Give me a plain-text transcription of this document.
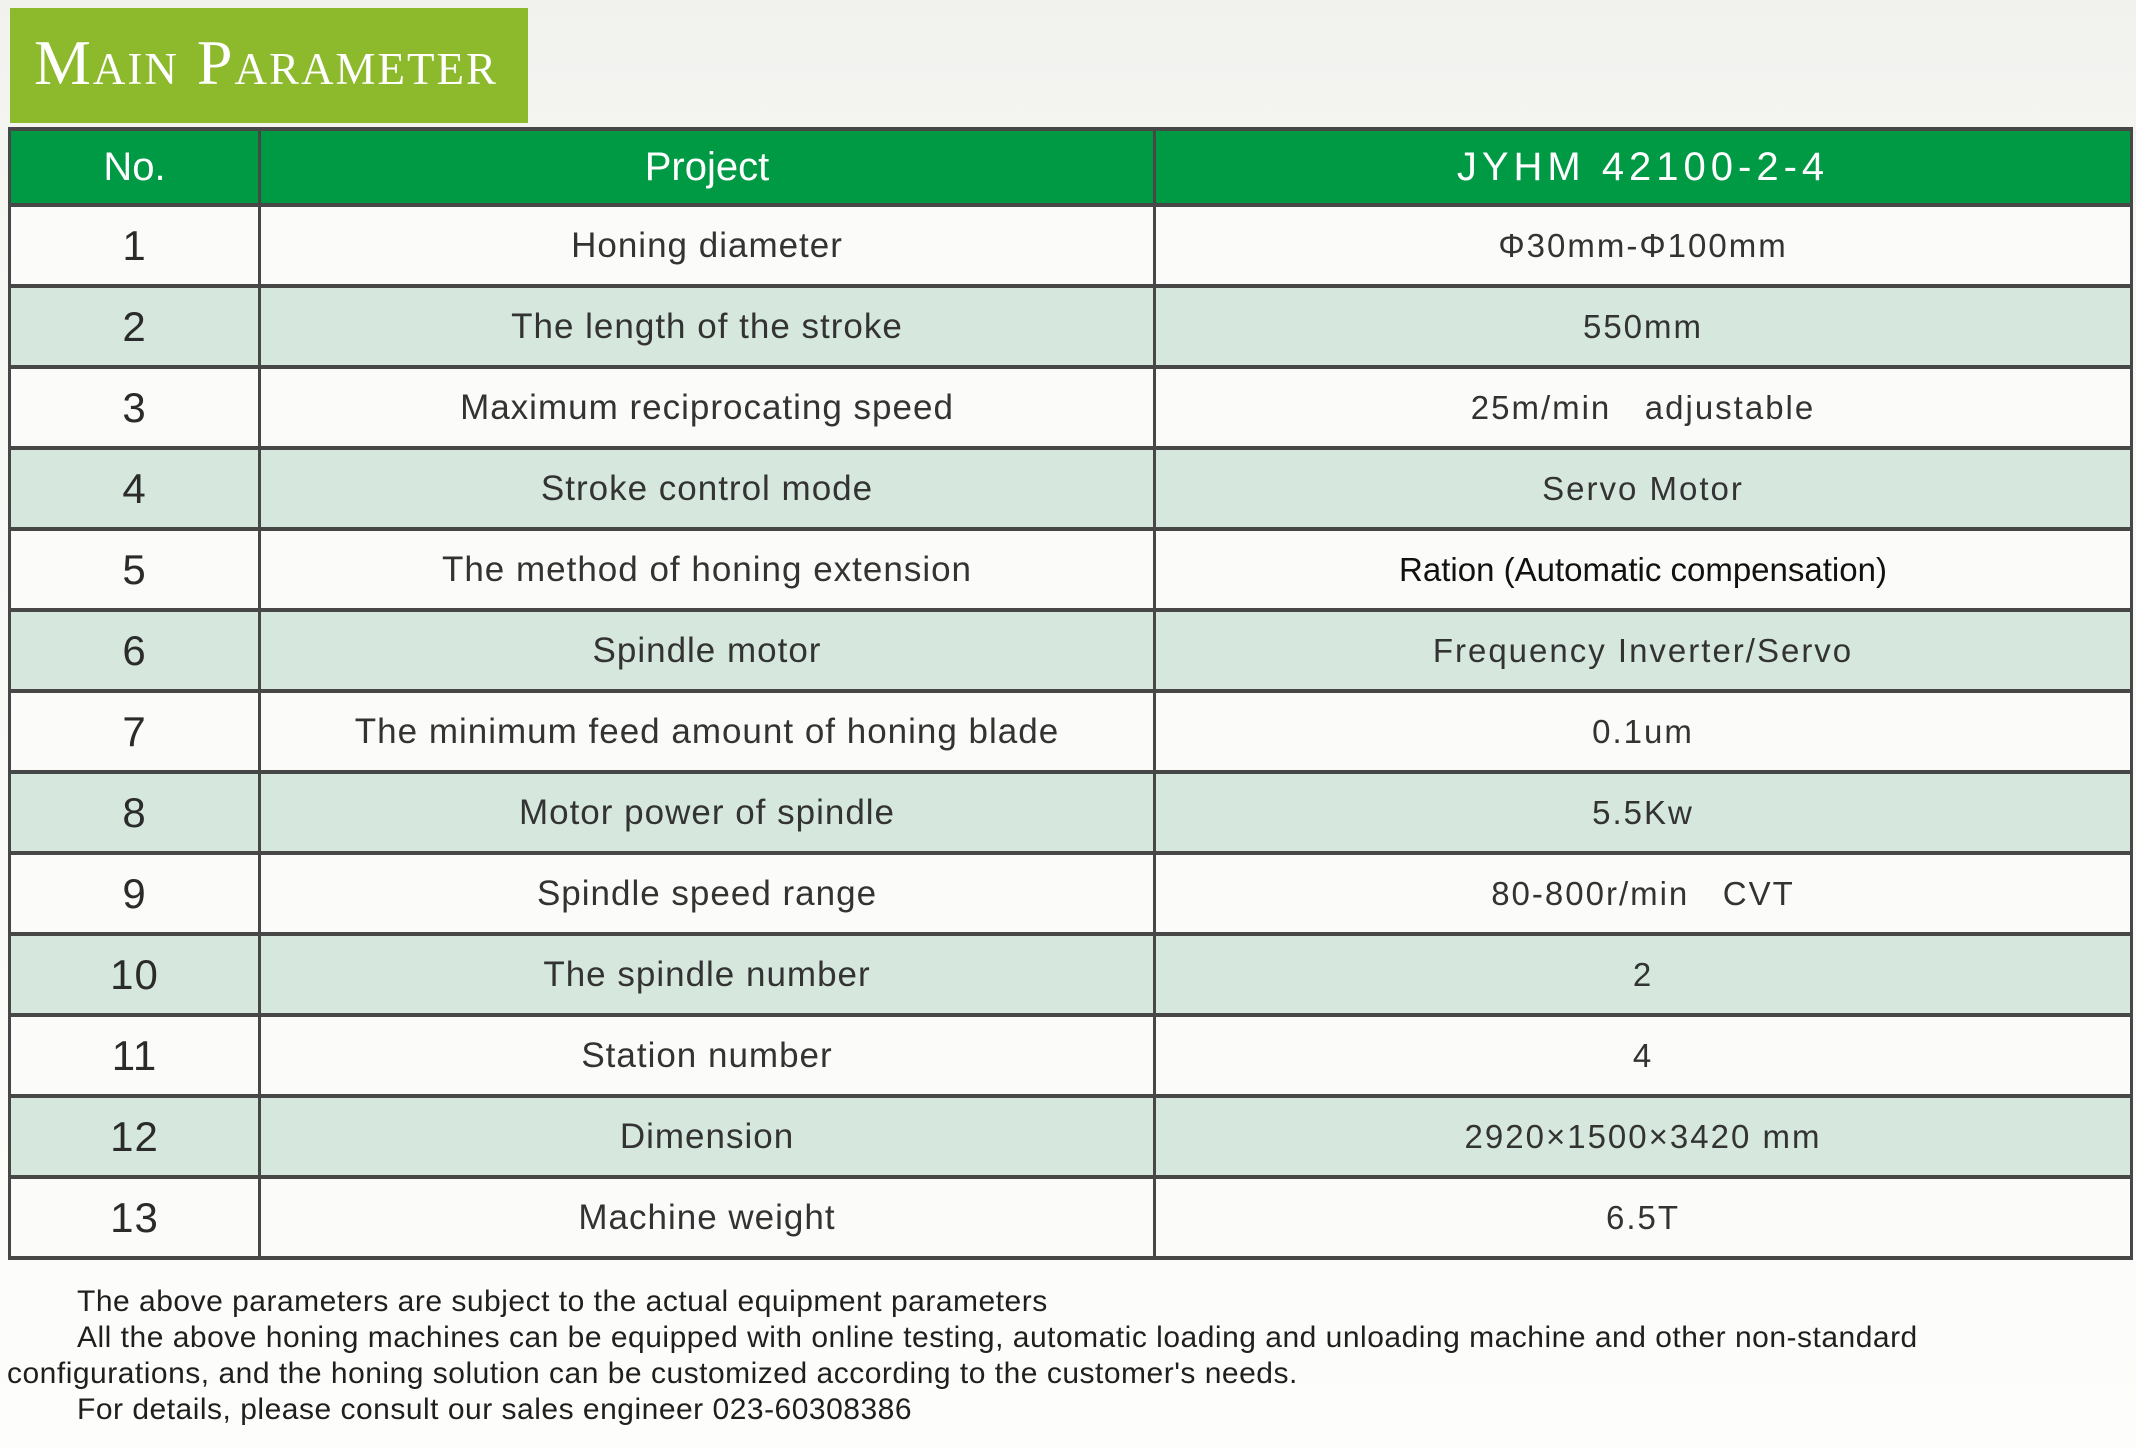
Main Parameter
No.	Project	JYHM 42100-2-4
1	Honing diameter	Φ30mm-Φ100mm
2	The length of the stroke	550mm
3	Maximum reciprocating speed	25m/min   adjustable
4	Stroke control mode	Servo Motor
5	The method of honing extension	Ration (Automatic compensation)
6	Spindle motor	Frequency Inverter/Servo
7	The minimum feed amount of honing blade	0.1um
8	Motor power of spindle	5.5Kw
9	Spindle speed range	80-800r/min   CVT
10	The spindle number	2
11	Station number	4
12	Dimension	2920×1500×3420 mm
13	Machine weight	6.5T
The above parameters are subject to the actual equipment parameters
All the above honing machines can be equipped with online testing, automatic loading and unloading machine and other non-standard
configurations, and the honing solution can be customized according to the customer's needs.
For details, please consult our sales engineer 023-60308386
